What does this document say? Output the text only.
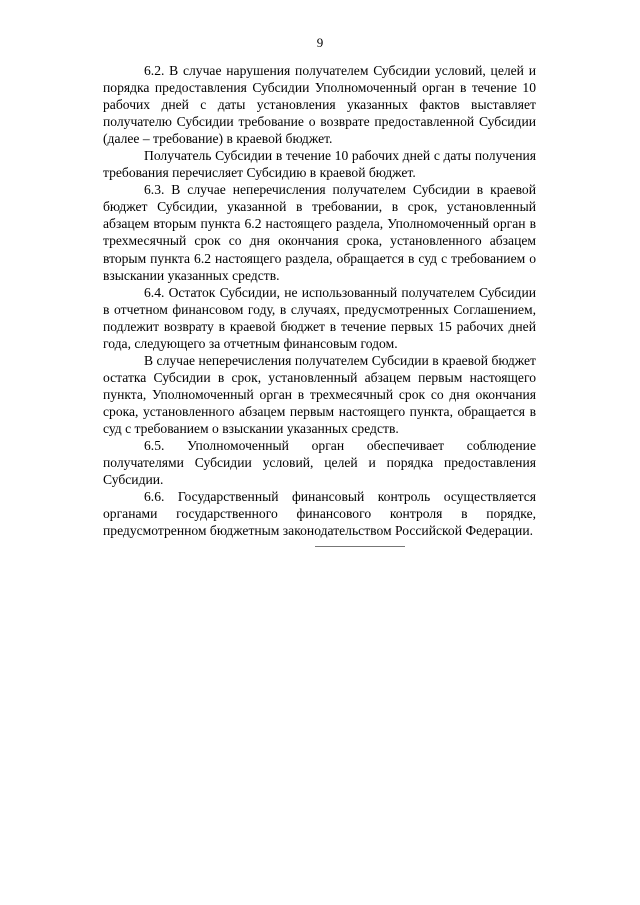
9

6.2. В случае нарушения получателем Субсидии условий, целей и порядка предоставления Субсидии Уполномоченный орган в течение 10 рабочих дней с даты установления указанных фактов выставляет получателю Субсидии требование о возврате предоставленной Субсидии (далее – требование) в краевой бюджет.

Получатель Субсидии в течение 10 рабочих дней с даты получения требования перечисляет Субсидию в краевой бюджет.

6.3. В случае неперечисления получателем Субсидии в краевой бюджет Субсидии, указанной в требовании, в срок, установленный абзацем вторым пункта 6.2 настоящего раздела, Уполномоченный орган в трехмесячный срок со дня окончания срока, установленного абзацем вторым пункта 6.2 настоящего раздела, обращается в суд с требованием о взыскании указанных средств.

6.4. Остаток Субсидии, не использованный получателем Субсидии в отчетном финансовом году, в случаях, предусмотренных Соглашением, подлежит возврату в краевой бюджет в течение первых 15 рабочих дней года, следующего за отчетным финансовым годом.

В случае неперечисления получателем Субсидии в краевой бюджет остатка Субсидии в срок, установленный абзацем первым настоящего пункта, Уполномоченный орган в трехмесячный срок со дня окончания срока, установленного абзацем первым настоящего пункта, обращается в суд с требованием о взыскании указанных средств.

6.5. Уполномоченный орган обеспечивает соблюдение получателями Субсидии условий, целей и порядка предоставления Субсидии.

6.6. Государственный финансовый контроль осуществляется органами государственного финансового контроля в порядке, предусмотренном бюджетным законодательством Российской Федерации.
